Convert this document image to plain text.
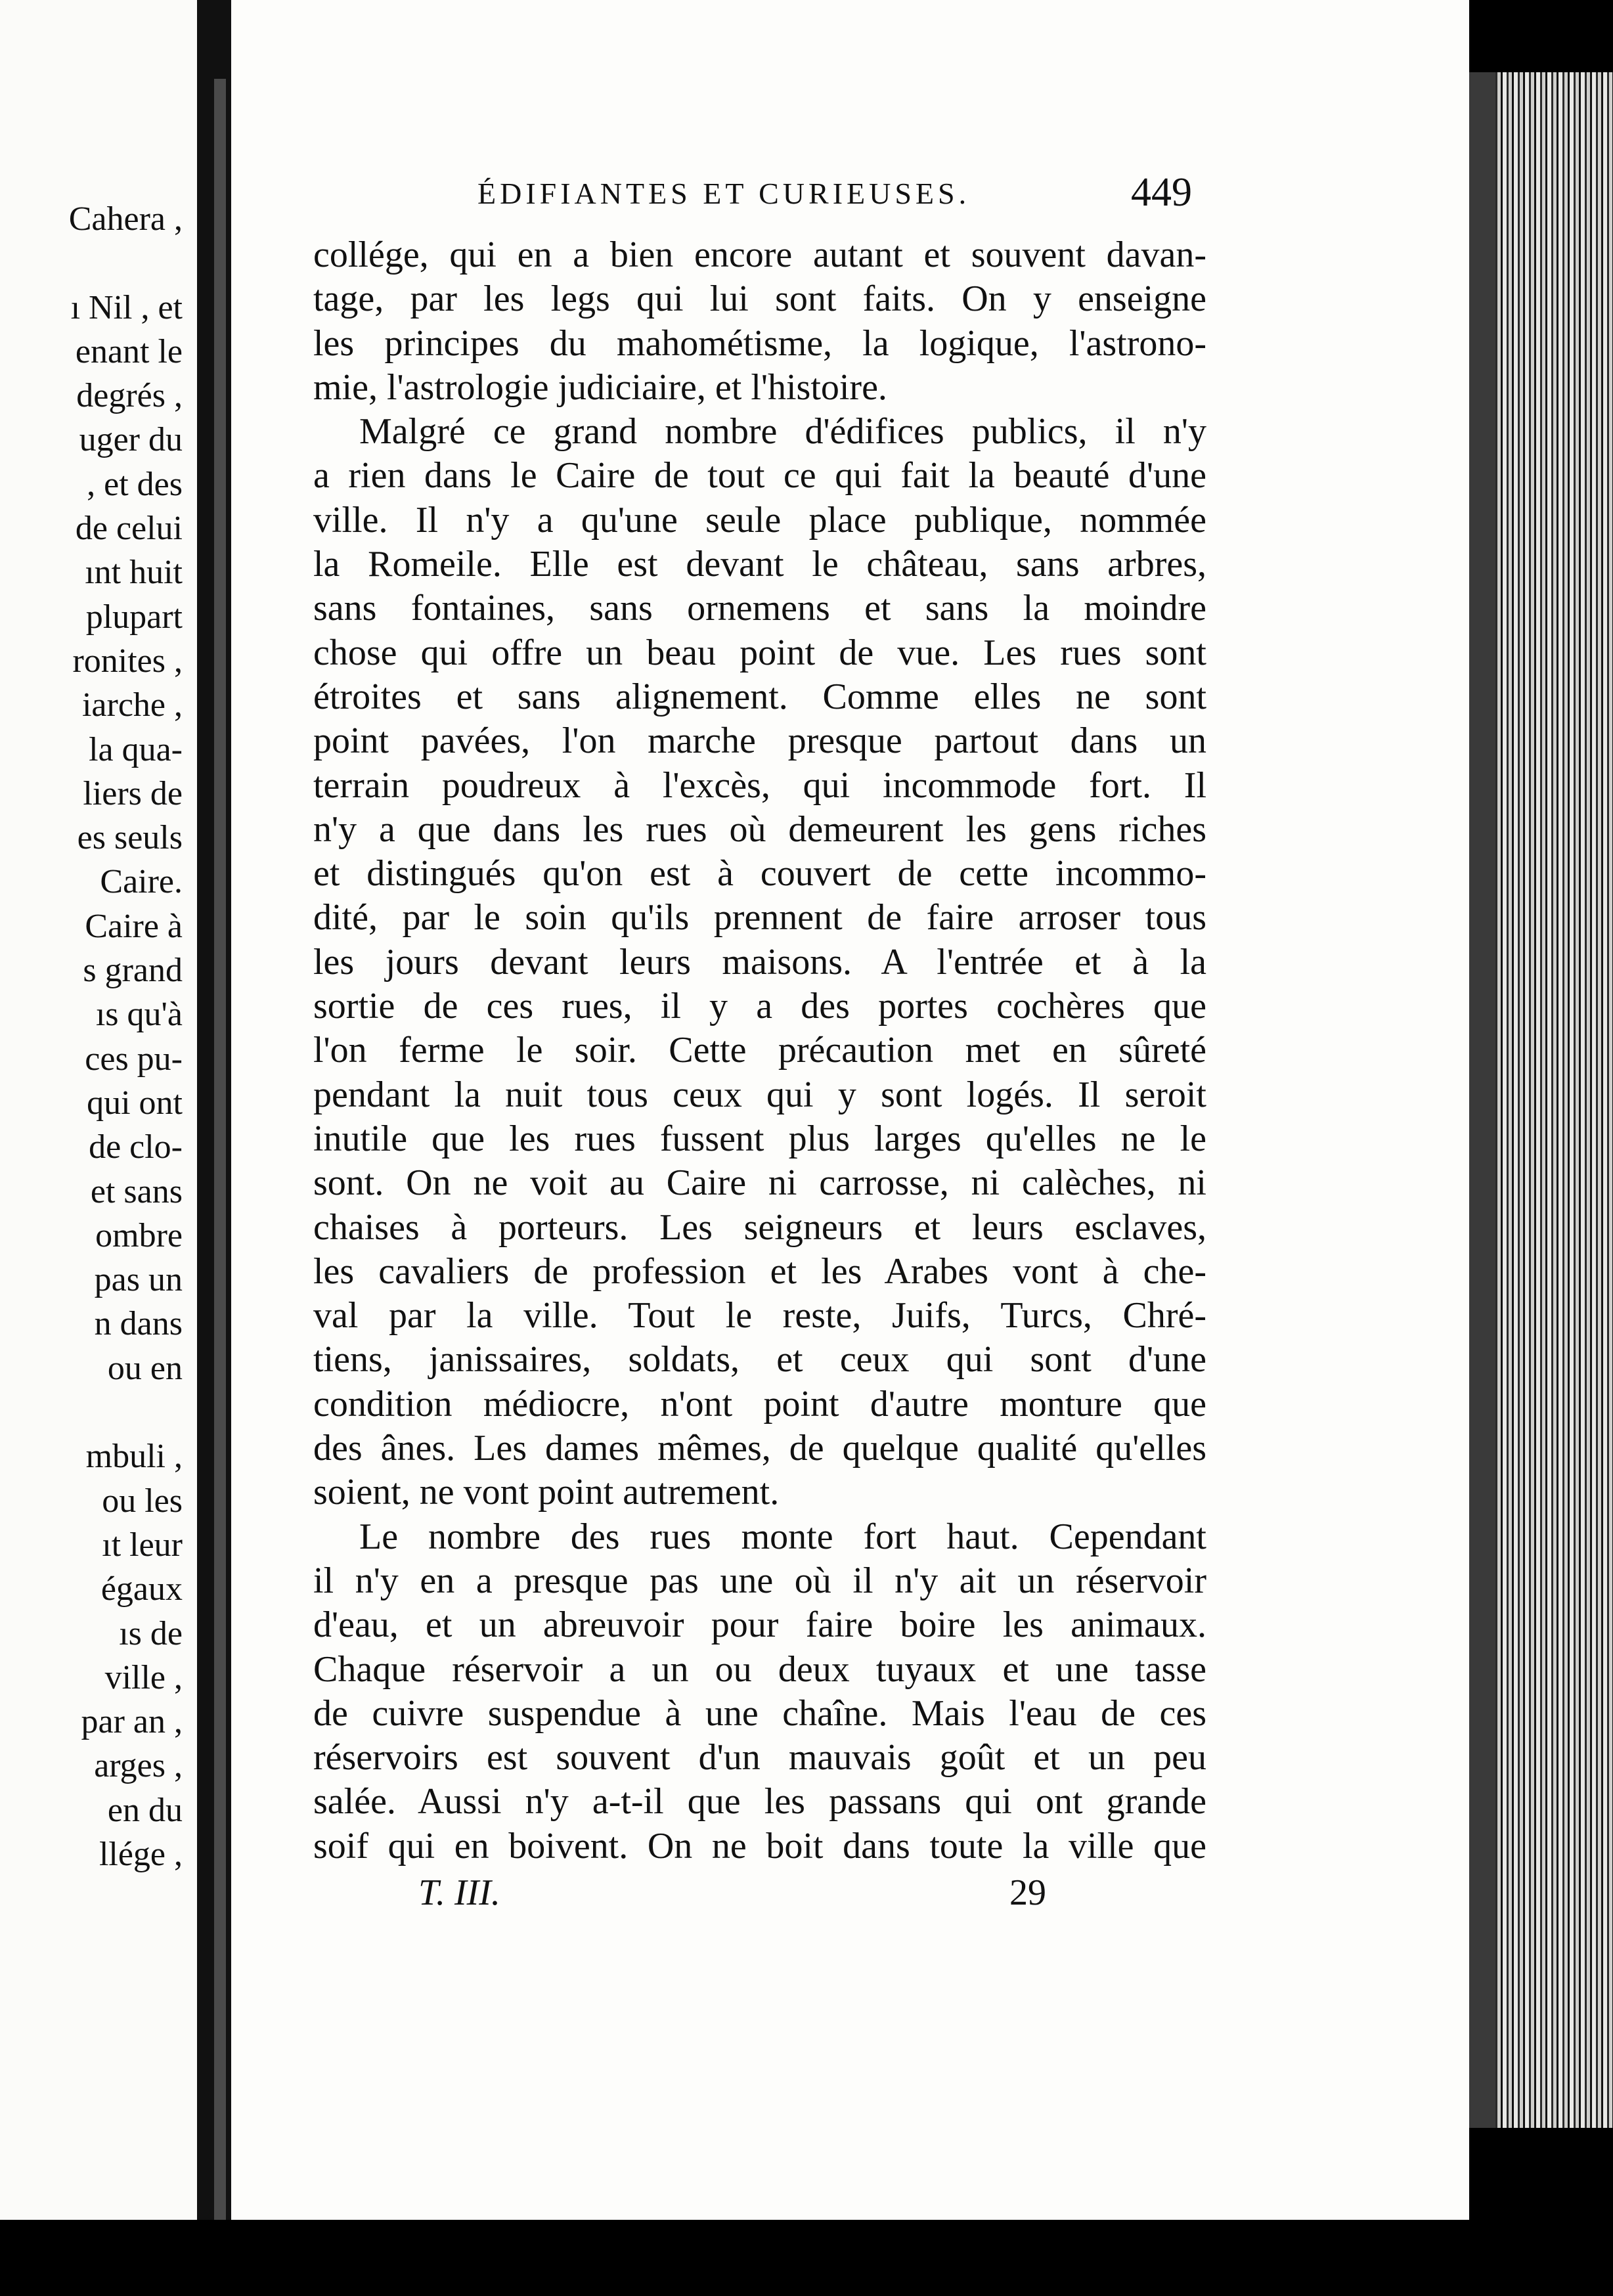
Cahera ,

ı Nil , et
enant le
degrés ,
uger du
, et des
de celui
ınt huit
plupart
ronites ,
iarche ,
la qua-
liers de
es seuls
Caire.
Caire à
s grand
ıs qu'à
ces pu-
qui ont
de clo-
et sans
ombre
pas un
n dans
ou en

mbuli ,
ou les
ıt leur
égaux
ıs de
ville ,
par an ,
arges ,
en du
llége ,
ÉDIFIANTES ET CURIEUSES.	449
collége, qui en a bien encore autant et souvent davan-
tage, par les legs qui lui sont faits. On y enseigne
les principes du mahométisme, la logique, l'astrono-
mie, l'astrologie judiciaire, et l'histoire.
Malgré ce grand nombre d'édifices publics, il n'y
a rien dans le Caire de tout ce qui fait la beauté d'une
ville. Il n'y a qu'une seule place publique, nommée
la Romeile. Elle est devant le château, sans arbres,
sans fontaines, sans ornemens et sans la moindre
chose qui offre un beau point de vue. Les rues sont
étroites et sans alignement. Comme elles ne sont
point pavées, l'on marche presque partout dans un
terrain poudreux à l'excès, qui incommode fort. Il
n'y a que dans les rues où demeurent les gens riches
et distingués qu'on est à couvert de cette incommo-
dité, par le soin qu'ils prennent de faire arroser tous
les jours devant leurs maisons. A l'entrée et à la
sortie de ces rues, il y a des portes cochères que
l'on ferme le soir. Cette précaution met en sûreté
pendant la nuit tous ceux qui y sont logés. Il seroit
inutile que les rues fussent plus larges qu'elles ne le
sont. On ne voit au Caire ni carrosse, ni calèches, ni
chaises à porteurs. Les seigneurs et leurs esclaves,
les cavaliers de profession et les Arabes vont à che-
val par la ville. Tout le reste, Juifs, Turcs, Chré-
tiens, janissaires, soldats, et ceux qui sont d'une
condition médiocre, n'ont point d'autre monture que
des ânes. Les dames mêmes, de quelque qualité qu'elles
soient, ne vont point autrement.
Le nombre des rues monte fort haut. Cependant
il n'y en a presque pas une où il n'y ait un réservoir
d'eau, et un abreuvoir pour faire boire les animaux.
Chaque réservoir a un ou deux tuyaux et une tasse
de cuivre suspendue à une chaîne. Mais l'eau de ces
réservoirs est souvent d'un mauvais goût et un peu
salée. Aussi n'y a-t-il que les passans qui ont grande
soif qui en boivent. On ne boit dans toute la ville que
T. III.	29
